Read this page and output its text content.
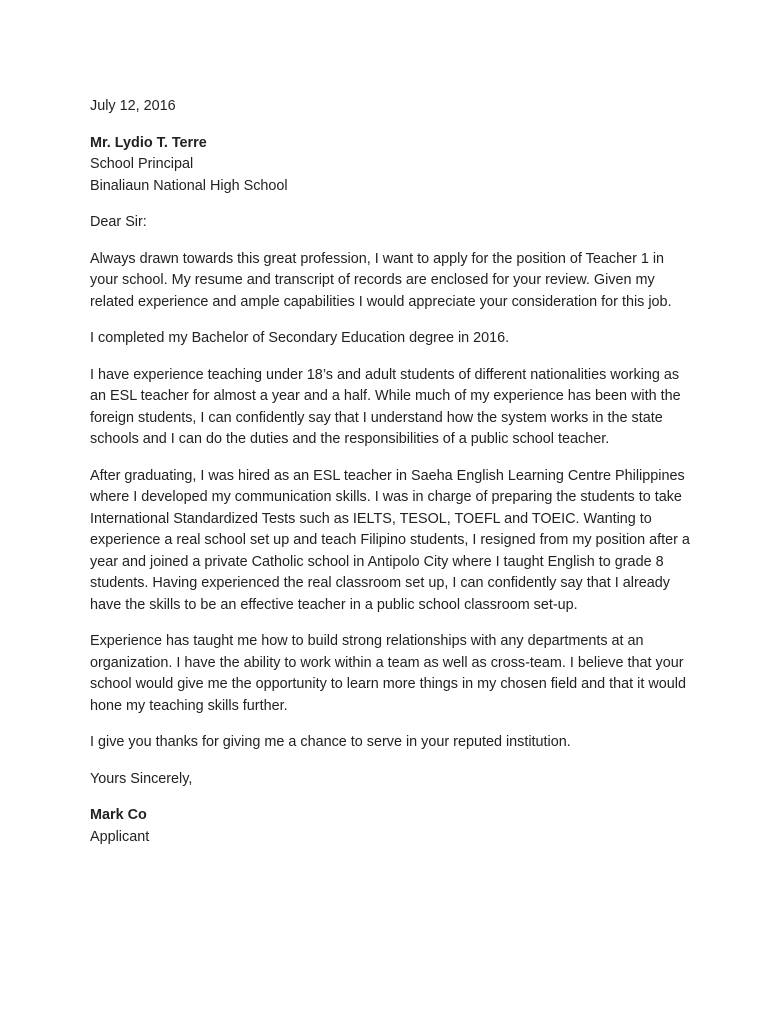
July 12, 2016
Mr. Lydio T. Terre
School Principal
Binaliaun National High School
Dear Sir:

Always drawn towards this great profession, I want to apply for the position of Teacher 1 in your school. My resume and transcript of records are enclosed for your review. Given my related experience and ample capabilities I would appreciate your consideration for this job.

I completed my Bachelor of Secondary Education degree in 2016.

I have experience teaching under 18’s and adult students of different nationalities working as an ESL teacher for almost a year and a half. While much of my experience has been with the foreign students, I can confidently say that I understand how the system works in the state schools and I can do the duties and the responsibilities of a public school teacher.

After graduating, I was hired as an ESL teacher in Saeha English Learning Centre Philippines where I developed my communication skills. I was in charge of preparing the students to take International Standardized Tests such as IELTS, TESOL, TOEFL and TOEIC. Wanting to experience a real school set up and teach Filipino students, I resigned from my position after a year and joined a private Catholic school in Antipolo City where I taught English to grade 8 students. Having experienced the real classroom set up, I can confidently say that I already have the skills to be an effective teacher in a public school classroom set-up.

Experience has taught me how to build strong relationships with any departments at an organization. I have the ability to work within a team as well as cross-team. I believe that your school would give me the opportunity to learn more things in my chosen field and that it would hone my teaching skills further.

I give you thanks for giving me a chance to serve in your reputed institution.

Yours Sincerely,
Mark Co
Applicant
